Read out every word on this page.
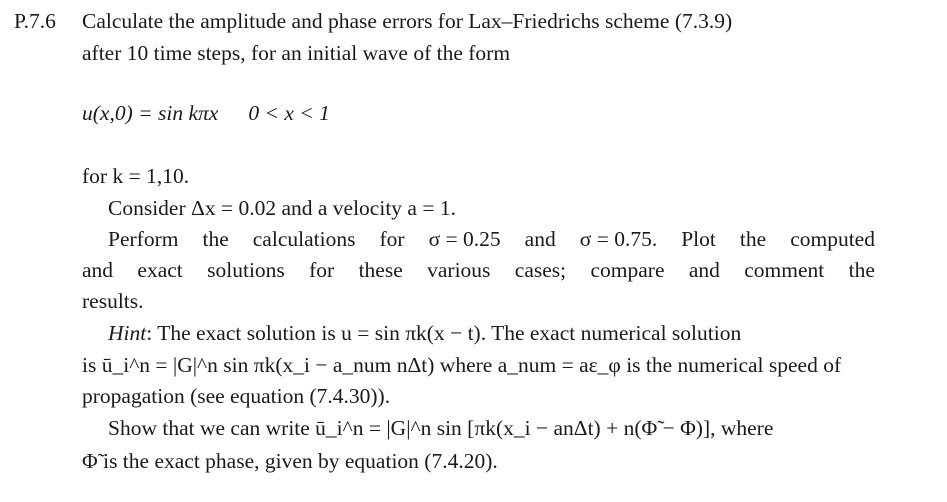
P.7.6 Calculate the amplitude and phase errors for Lax–Friedrichs scheme (7.3.9)
after 10 time steps, for an initial wave of the form
u(x,0) = sin kπx 0 < x < 1
for k = 1,10.
Consider Δx = 0.02 and a velocity a = 1.
Perform the calculations for σ = 0.25 and σ = 0.75. Plot the computed
and exact solutions for these various cases; compare and comment the
results.
Hint: The exact solution is u = sin πk(x − t). The exact numerical solution
is ū_i^n = |G|^n sin πk(x_i − a_num nΔt) where a_num = aε_φ is the numerical speed of
propagation (see equation (7.4.30)).
Show that we can write ū_i^n = |G|^n sin [πk(x_i − anΔt) + n(Φ̃ − Φ)], where
Φ̃ is the exact phase, given by equation (7.4.20).
